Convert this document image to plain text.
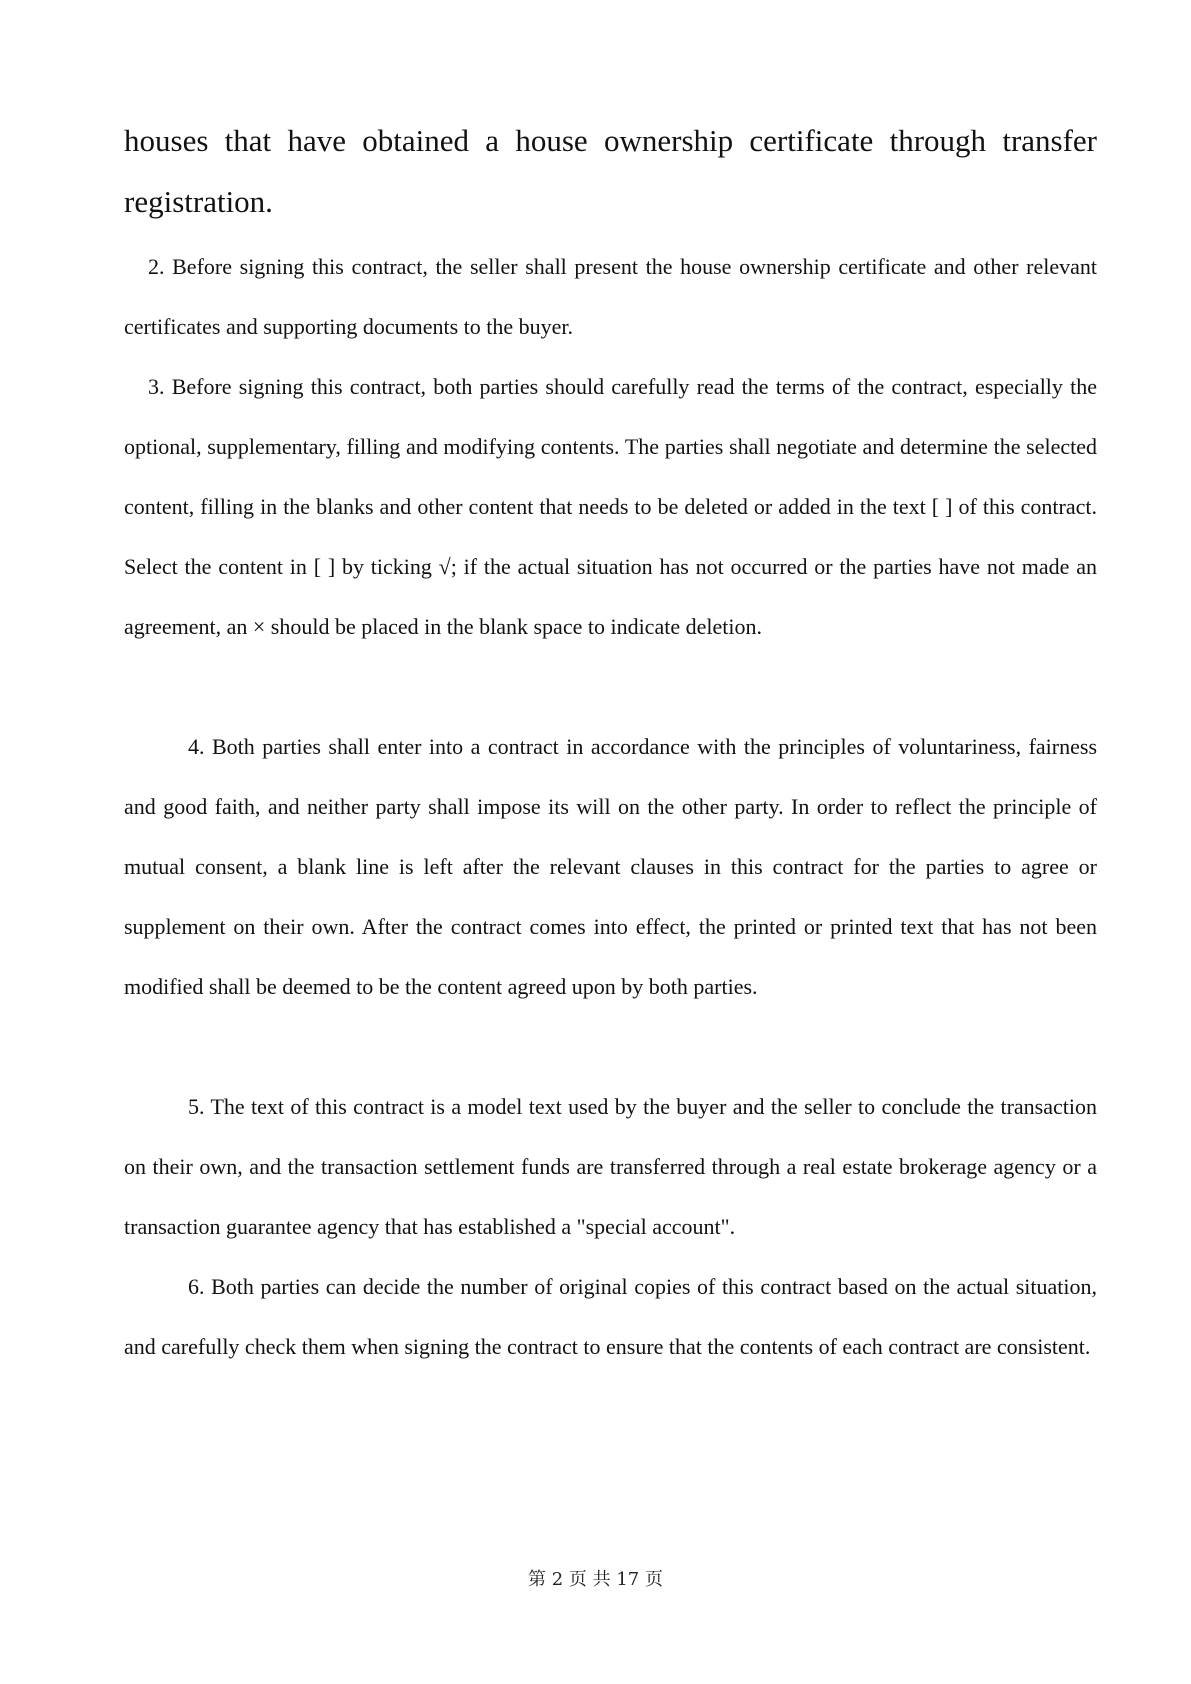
houses that have obtained a house ownership certificate through transfer registration.

2. Before signing this contract, the seller shall present the house ownership certificate and other relevant certificates and supporting documents to the buyer.

3. Before signing this contract, both parties should carefully read the terms of the contract, especially the optional, supplementary, filling and modifying contents. The parties shall negotiate and determine the selected content, filling in the blanks and other content that needs to be deleted or added in the text [ ] of this contract. Select the content in [ ] by ticking √; if the actual situation has not occurred or the parties have not made an agreement, an × should be placed in the blank space to indicate deletion.

4. Both parties shall enter into a contract in accordance with the principles of voluntariness, fairness and good faith, and neither party shall impose its will on the other party. In order to reflect the principle of mutual consent, a blank line is left after the relevant clauses in this contract for the parties to agree or supplement on their own. After the contract comes into effect, the printed or printed text that has not been modified shall be deemed to be the content agreed upon by both parties.

5. The text of this contract is a model text used by the buyer and the seller to conclude the transaction on their own, and the transaction settlement funds are transferred through a real estate brokerage agency or a transaction guarantee agency that has established a "special account".

6. Both parties can decide the number of original copies of this contract based on the actual situation, and carefully check them when signing the contract to ensure that the contents of each contract are consistent.

第 2 页 共 17 页
